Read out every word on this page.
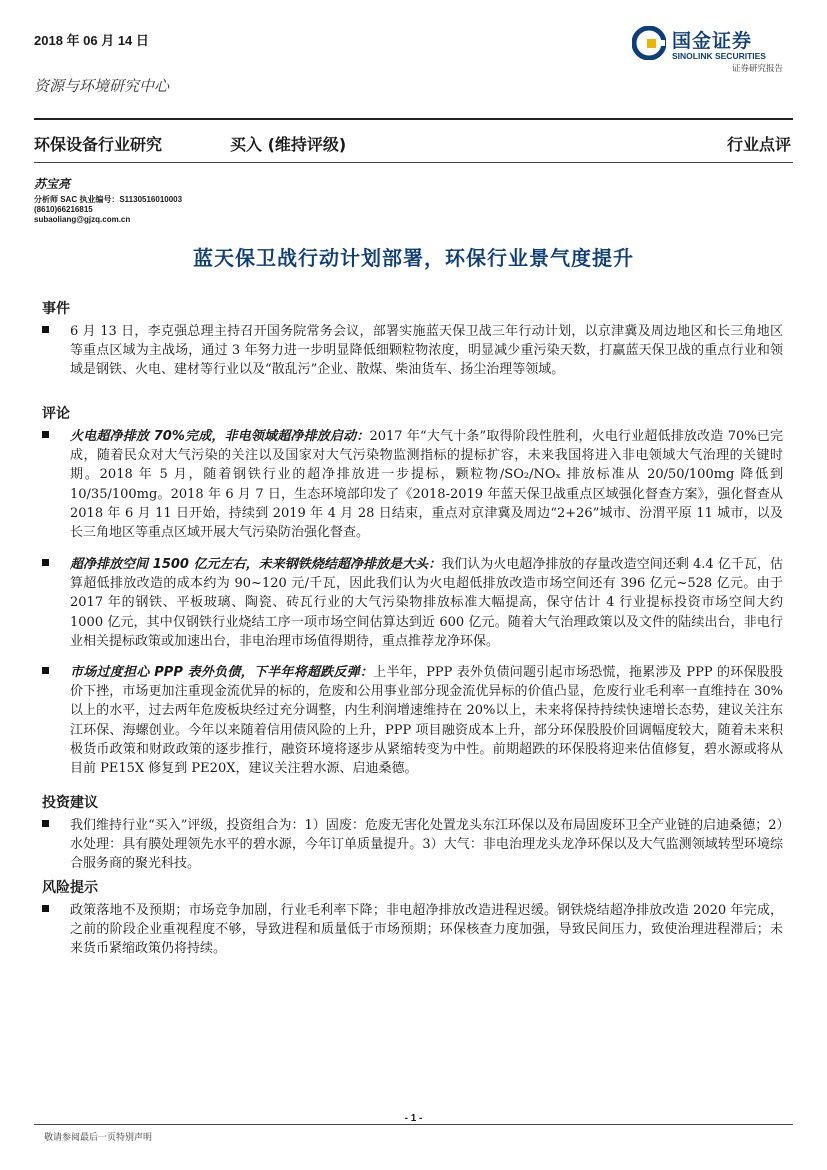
2018 年 06 月 14 日	国金证券
SINOLINK SECURITIES
证券研究报告
资源与环境研究中心
环保设备行业研究	买入 (维持评级)	行业点评
苏宝亮
分析师 SAC 执业编号：S1130516010003
(8610)66216815
subaoliang@gjzq.com.cn
蓝天保卫战行动计划部署，环保行业景气度提升
事件
6 月 13 日，李克强总理主持召开国务院常务会议，部署实施蓝天保卫战三年行动计划，以京津冀及周边地区和长三角地区等重点区域为主战场，通过 3 年努力进一步明显降低细颗粒物浓度，明显减少重污染天数，打赢蓝天保卫战的重点行业和领域是钢铁、火电、建材等行业以及“散乱污”企业、散煤、柴油货车、扬尘治理等领域。
评论
火电超净排放 70%完成，非电领域超净排放启动：2017 年“大气十条”取得阶段性胜利，火电行业超低排放改造 70%已完成，随着民众对大气污染的关注以及国家对大气污染物监测指标的提标扩容，未来我国将进入非电领域大气治理的关键时期。2018 年 5 月，随着钢铁行业的超净排放进一步提标，颗粒物/SO₂/NOₓ 排放标准从 20/50/100mg 降低到 10/35/100mg。2018 年 6 月 7 日，生态环境部印发了《2018-2019 年蓝天保卫战重点区域强化督查方案》，强化督查从 2018 年 6 月 11 日开始，持续到 2019 年 4 月 28 日结束，重点对京津冀及周边“2+26”城市、汾渭平原 11 城市，以及长三角地区等重点区域开展大气污染防治强化督查。
超净排放空间 1500 亿元左右，未来钢铁烧结超净排放是大头：我们认为火电超净排放的存量改造空间还剩 4.4 亿千瓦，估算超低排放改造的成本约为 90~120 元/千瓦，因此我们认为火电超低排放改造市场空间还有 396 亿元~528 亿元。由于 2017 年的钢铁、平板玻璃、陶瓷、砖瓦行业的大气污染物排放标准大幅提高，保守估计 4 行业提标投资市场空间大约 1000 亿元，其中仅钢铁行业烧结工序一项市场空间估算达到近 600 亿元。随着大气治理政策以及文件的陆续出台，非电行业相关提标政策或加速出台，非电治理市场值得期待，重点推荐龙净环保。
市场过度担心 PPP 表外负债，下半年将超跌反弹：上半年，PPP 表外负债问题引起市场恐慌，拖累涉及 PPP 的环保股股价下挫，市场更加注重现金流优异的标的，危废和公用事业部分现金流优异标的价值凸显，危废行业毛利率一直维持在 30%以上的水平，过去两年危废板块经过充分调整，内生利润增速维持在 20%以上，未来将保持持续快速增长态势，建议关注东江环保、海螺创业。今年以来随着信用债风险的上升，PPP 项目融资成本上升，部分环保股股价回调幅度较大，随着未来积极货币政策和财政政策的逐步推行，融资环境将逐步从紧缩转变为中性。前期超跌的环保股将迎来估值修复，碧水源或将从目前 PE15X 修复到 PE20X，建议关注碧水源、启迪桑德。
投资建议
我们维持行业“买入”评级，投资组合为：1）固废：危废无害化处置龙头东江环保以及布局固废环卫全产业链的启迪桑德；2）水处理：具有膜处理领先水平的碧水源，今年订单质量提升。3）大气：非电治理龙头龙净环保以及大气监测领域转型环境综合服务商的聚光科技。
风险提示
政策落地不及预期；市场竞争加剧，行业毛利率下降；非电超净排放改造进程迟缓。钢铁烧结超净排放改造 2020 年完成，之前的阶段企业重视程度不够，导致进程和质量低于市场预期；环保核查力度加强，导致民间压力，致使治理进程滞后；未来货币紧缩政策仍将持续。
- 1 -
敬请参阅最后一页特别声明
